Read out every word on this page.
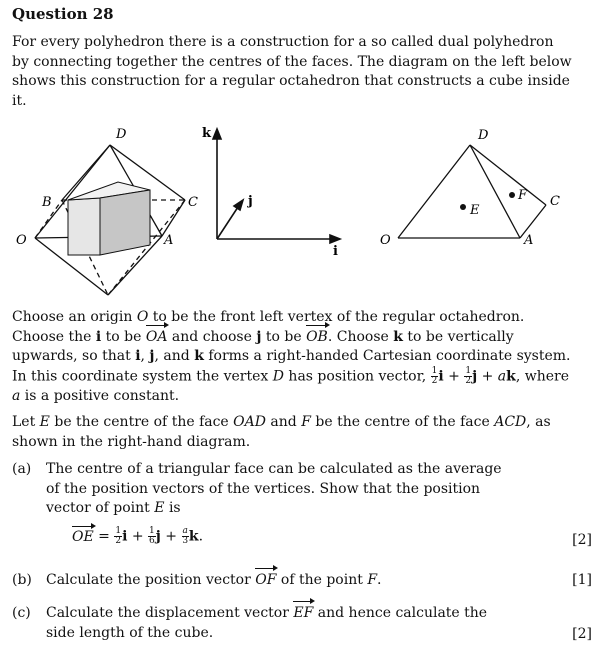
Question 28
For every polyhedron there is a construction for a so called dual polyhedron by connecting together the centres of the faces. The diagram on the left below shows this construction for a regular octahedron that constructs a cube inside it.
D
B	C
O	A
k
j
i
D
F C
E
O	A
Choose an origin O to be the front left vertex of the regular octahedron. Choose the i to be OA and choose j to be OB. Choose k to be vertically upwards, so that i, j, and k forms a right-handed Cartesian coordinate system. In this coordinate system the vertex D has position vector, $\frac{1}{2}$ $i + \frac{1}{2}$ j + ak, where a is a positive constant.
Let E be the centre of the face OAD and F be the centre of the face ACD, as shown in the right-hand diagram.
(a) The centre of a triangular face can be calculated as the average of the position vectors of the vertices. Show that the position vector of point E is
OE = $\frac{1}{2}$ $i + \frac{1}{6}$ $j + \frac{a}{3} k$.	[2]
(b) Calculate the position vector OF of the point F.	[1]
(c) Calculate the displacement vector EF and hence calculate the side length of the cube.	[2]
